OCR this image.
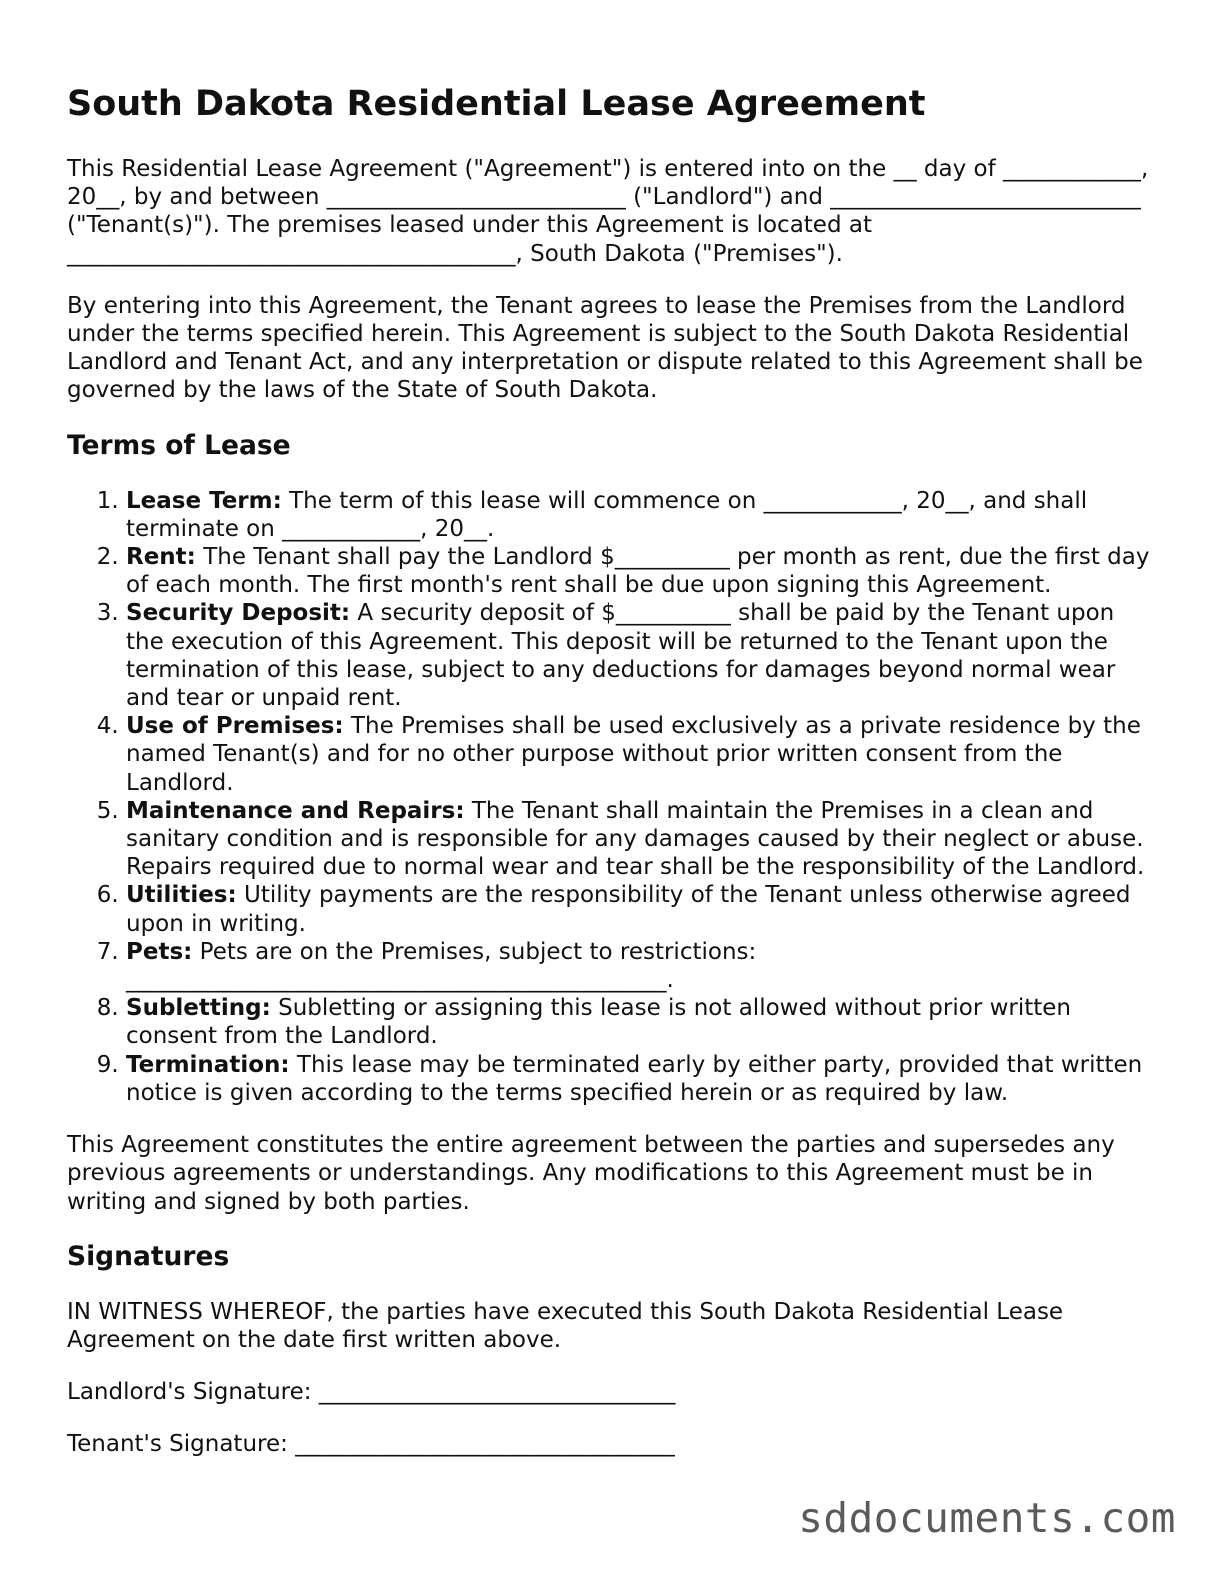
South Dakota Residential Lease Agreement

This Residential Lease Agreement ("Agreement") is entered into on the __ day of ____________, 20__, by and between __________________________ ("Landlord") and ___________________________ ("Tenant(s)"). The premises leased under this Agreement is located at _______________________________________, South Dakota ("Premises").

By entering into this Agreement, the Tenant agrees to lease the Premises from the Landlord under the terms specified herein. This Agreement is subject to the South Dakota Residential Landlord and Tenant Act, and any interpretation or dispute related to this Agreement shall be governed by the laws of the State of South Dakota.

Terms of Lease
1. Lease Term: The term of this lease will commence on ____________, 20__, and shall terminate on ____________, 20__.
2. Rent: The Tenant shall pay the Landlord $__________ per month as rent, due the first day of each month. The first month's rent shall be due upon signing this Agreement.
3. Security Deposit: A security deposit of $__________ shall be paid by the Tenant upon the execution of this Agreement. This deposit will be returned to the Tenant upon the termination of this lease, subject to any deductions for damages beyond normal wear and tear or unpaid rent.
4. Use of Premises: The Premises shall be used exclusively as a private residence by the named Tenant(s) and for no other purpose without prior written consent from the Landlord.
5. Maintenance and Repairs: The Tenant shall maintain the Premises in a clean and sanitary condition and is responsible for any damages caused by their neglect or abuse. Repairs required due to normal wear and tear shall be the responsibility of the Landlord.
6. Utilities: Utility payments are the responsibility of the Tenant unless otherwise agreed upon in writing.
7. Pets: Pets are on the Premises, subject to restrictions: _______________________________________________.
8. Subletting: Subletting or assigning this lease is not allowed without prior written consent from the Landlord.
9. Termination: This lease may be terminated early by either party, provided that written notice is given according to the terms specified herein or as required by law.

This Agreement constitutes the entire agreement between the parties and supersedes any previous agreements or understandings. Any modifications to this Agreement must be in writing and signed by both parties.

Signatures

IN WITNESS WHEREOF, the parties have executed this South Dakota Residential Lease Agreement on the date first written above.

Landlord's Signature: _______________________________
Tenant's Signature: _________________________________
sddocuments.com
